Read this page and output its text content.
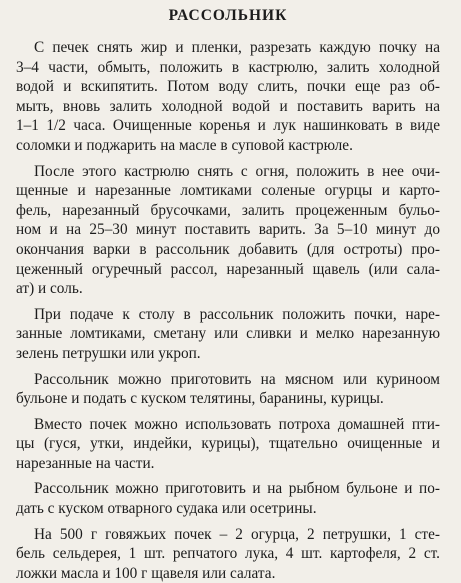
РАССОЛЬНИК
С печек снять жир и пленки, разрезать каждую почку на
3–4 части, обмыть, положить в кастрюлю, залить холодной
водой и вскипятить. Потом воду слить, почки еще раз об-
мыть, вновь залить холодной водой и поставить варить на
1–1 1/2 часа. Очищенные коренья и лук нашинковать в виде
соломки и поджарить на масле в суповой кастрюле.
После этого кастрюлю снять с огня, положить в нее очи-
щенные и нарезанные ломтиками соленые огурцы и карто-
фель, нарезанный брусочками, залить процеженным бульо-
ном и на 25–30 минут поставить варить. За 5–10 минут до
окончания варки в рассольник добавить (для остроты) про-
цеженный огуречный рассол, нарезанный щавель (или сала-
ат) и соль.
При подаче к столу в рассольник положить почки, наре-
занные ломтиками, сметану или сливки и мелко нарезанную
зелень петрушки или укроп.
Рассольник можно приготовить на мясном или куриноом
бульоне и подать с куском телятины, баранины, курицы.
Вместо почек можно использовать потроха домашней пти-
цы (гуся, утки, индейки, курицы), тщательно очищенные и
нарезанные на части.
Рассольник можно приготовить и на рыбном бульоне и по-
дать с куском отварного судака или осетрины.
На 500 г говяжьих почек – 2 огурца, 2 петрушки, 1 сте-
бель сельдерея, 1 шт. репчатого лука, 4 шт. картофеля, 2 ст.
ложки масла и 100 г щавеля или салата.
